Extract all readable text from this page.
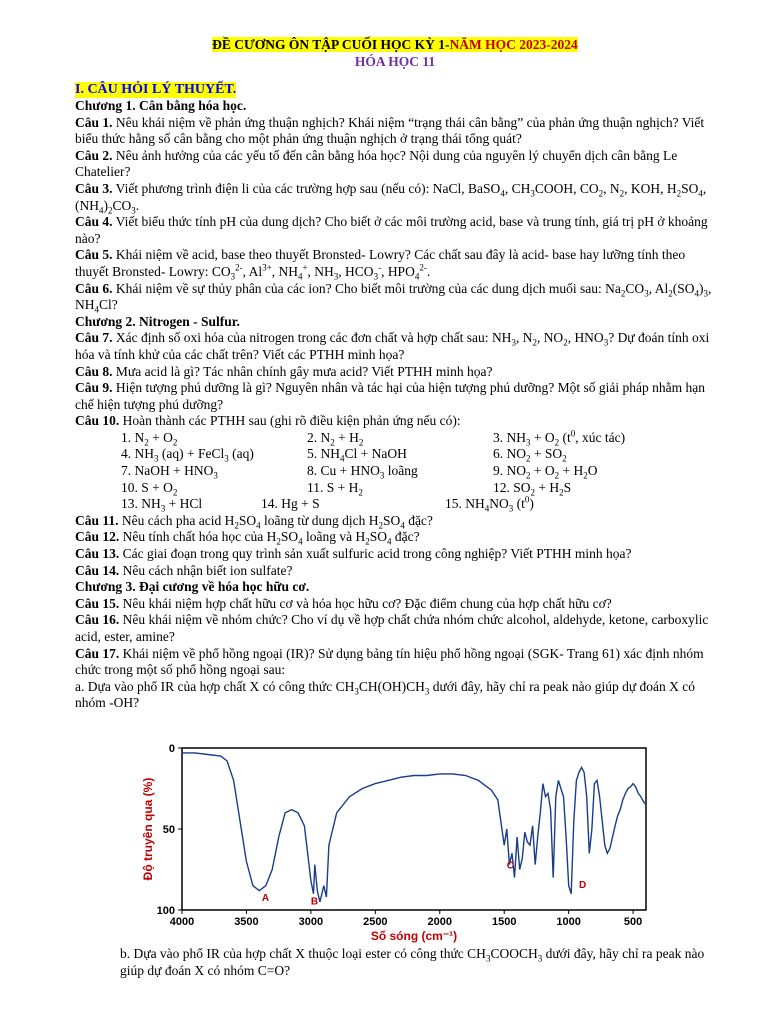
ĐỀ CƯƠNG ÔN TẬP CUỐI HỌC KỲ 1-NĂM HỌC 2023-2024
HÓA HỌC 11
I. CÂU HỎI LÝ THUYẾT.

Chương 1. Cân bằng hóa học.

Câu 1. Nêu khái niệm về phản ứng thuận nghịch? Khái niệm “trạng thái cân bằng” của phản ứng thuận nghịch? Viết biểu thức hằng số cân bằng cho một phản ứng thuận nghịch ở trạng thái tổng quát?

Câu 2. Nêu ảnh hưởng của các yếu tố đến cân bằng hóa học? Nội dung của nguyên lý chuyển dịch cân bằng Le Chatelier?

Câu 3. Viết phương trình điện li của các trường hợp sau (nếu có): NaCl, BaSO$_4$, $CH_3COOH$, $CO_2$, $N_2$, KOH, $H_2SO_4$, $(NH_4)_2CO_3$.

Câu 4. Viết biểu thức tính pH của dung dịch? Cho biết ở các môi trường acid, base và trung tính, giá trị pH ở khoảng nào?

Câu 5. Khái niệm về acid, base theo thuyết Bronsted- Lowry? Các chất sau đây là acid- base hay lưỡng tính theo thuyết Bronsted- Lowry: $CO_3^{2-}$, $Al^{3+}$, $NH_4^+$, $NH_3$, $HCO_3^-$, $HPO_4^{2-}$.

Câu 6. Khái niệm về sự thủy phân của các ion? Cho biết môi trường của các dung dịch muối sau: $Na_2CO_3$, $Al_2(SO_4)_3$, $NH_4Cl$?

Chương 2. Nitrogen - Sulfur.

Câu 7. Xác định số oxi hóa của nitrogen trong các đơn chất và hợp chất sau: $NH_3$, $N_2$, $NO_2$, $HNO_3$? Dự đoán tính oxi hóa và tính khử của các chất trên? Viết các PTHH minh họa?

Câu 8. Mưa acid là gì? Tác nhân chính gây mưa acid? Viết PTHH minh họa?

Câu 9. Hiện tượng phú dưỡng là gì? Nguyên nhân và tác hại của hiện tượng phú dưỡng? Một số giải pháp nhằm hạn chế hiện tượng phú dưỡng?

Câu 10. Hoàn thành các PTHH sau (ghi rõ điều kiện phản ứng nếu có):

1. $N_2 + O_2$	2. $N_2 + H_2$	3. $NH_3 + O_2$ ($t^0$, xúc tác)
4. $NH_3$ (aq) + FeCl$_3$ (aq)	5. $NH_4Cl$ + NaOH	6. $NO_2 + SO_2$
7. NaOH + $HNO_3$	8. $Cu + HNO_3$ loãng	9. $NO_2 + O_2 + H_2O$
10. $S + O_2$	11. $S + H_2$	12. $SO_2 + H_2S$
13. $NH_3$ + HCl	14. Hg + S	15. $NH_4NO_3$ $(t^0)$

Câu 11. Nêu cách pha acid $H_2SO_4$ loãng từ dung dịch $H_2SO_4$ đặc?

Câu 12. Nêu tính chất hóa học của $H_2SO_4$ loãng và $H_2SO_4$ đặc?

Câu 13. Các giai đoạn trong quy trình sản xuất sulfuric acid trong công nghiệp? Viết PTHH minh họa?

Câu 14. Nêu cách nhận biết ion sulfate?

Chương 3. Đại cương về hóa học hữu cơ.

Câu 15. Nêu khái niệm hợp chất hữu cơ và hóa học hữu cơ? Đặc điểm chung của hợp chất hữu cơ?

Câu 16. Nêu khái niệm về nhóm chức? Cho ví dụ về hợp chất chứa nhóm chức alcohol, aldehyde, ketone, carboxylic acid, ester, amine?

Câu 17. Khái niệm về phổ hồng ngoại (IR)? Sử dụng bảng tín hiệu phổ hồng ngoại (SGK- Trang 61) xác định nhóm chức trong một số phổ hồng ngoại sau:

a. Dựa vào phổ IR của hợp chất X có công thức $CH_3CH(OH)CH_3$ dưới đây, hãy chỉ ra peak nào giúp dự đoán X có nhóm -OH?

0
50
100
4000	3500	3000	2500	2000	1500	1000	500
Độ truyền qua (%)
Số sóng (cm⁻¹)
A	B
C
D
b. Dựa vào phổ IR của hợp chất X thuộc loại ester có công thức $CH_3COOCH_3$ dưới đây, hãy chỉ ra peak nào giúp dự đoán X có nhóm C=O?
